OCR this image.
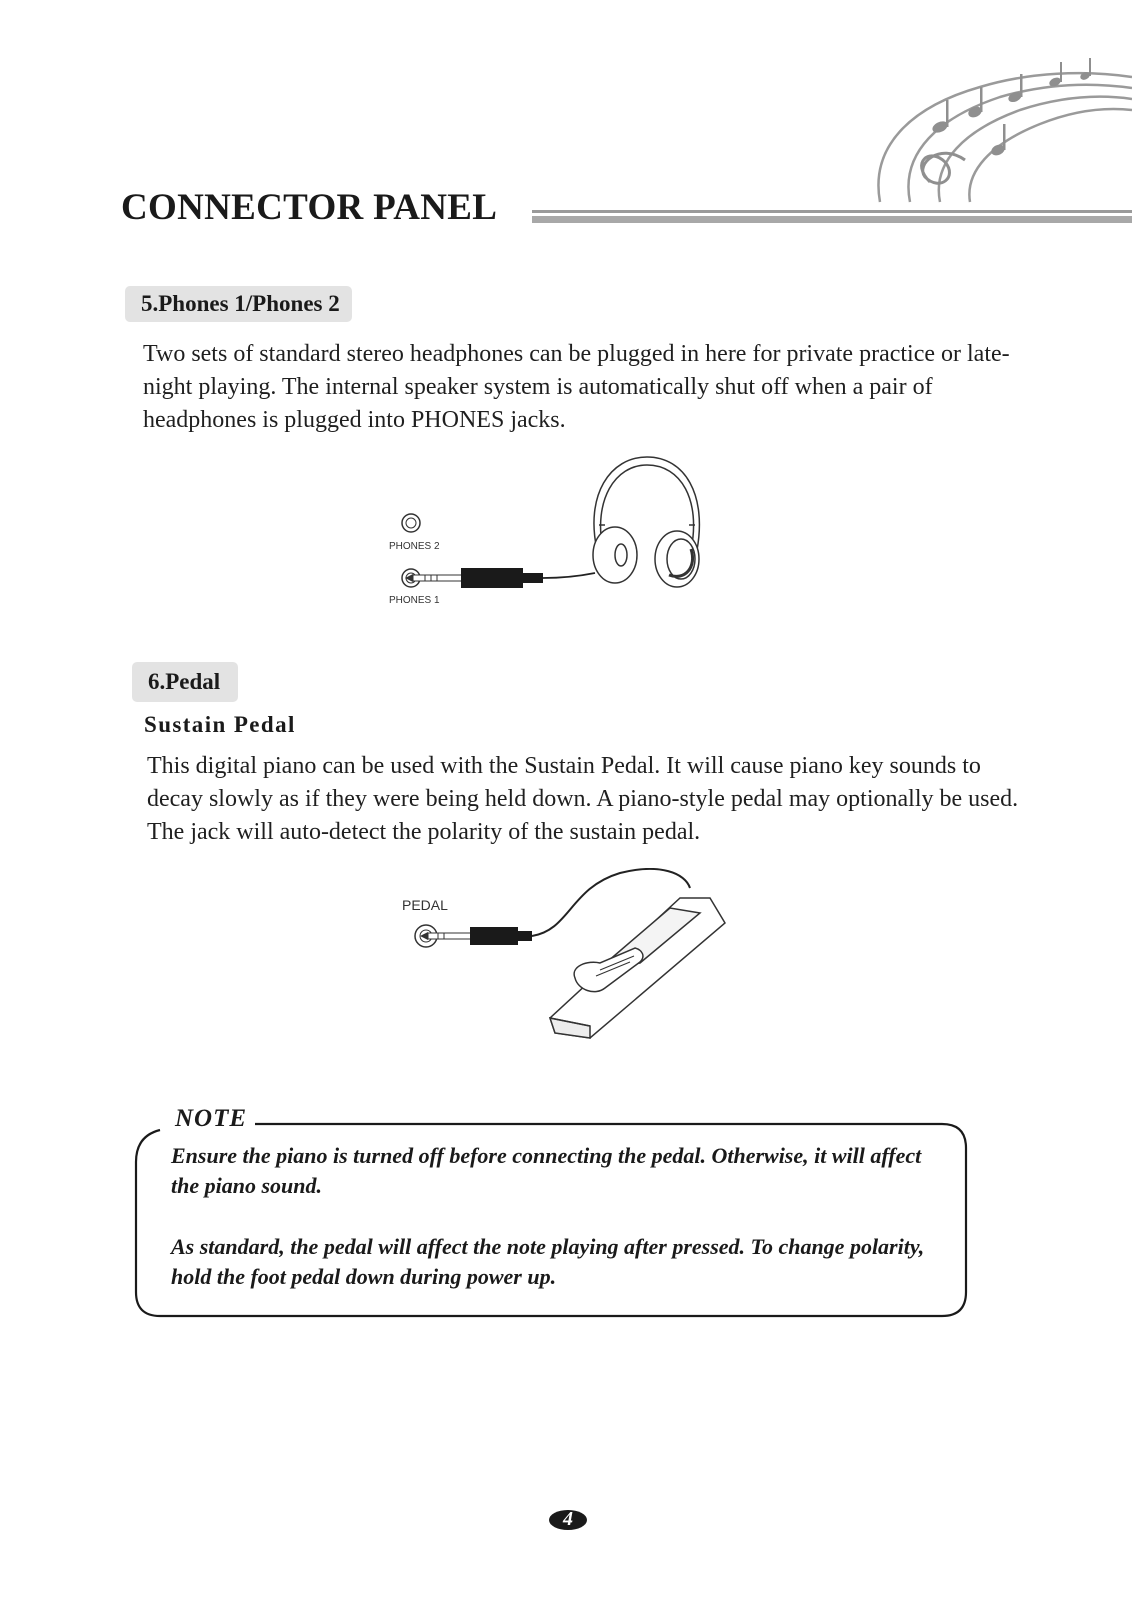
CONNECTOR PANEL
5.Phones 1/Phones 2

Two sets of standard stereo headphones can be plugged in here for private practice or late-night playing. The internal speaker system is automatically shut off when a pair of headphones is plugged into PHONES jacks.

PHONES 2
PHONES 1
6.Pedal
Sustain Pedal

This digital piano can be used with the Sustain Pedal. It will cause piano key sounds to decay slowly as if they were being held down. A piano-style pedal may optionally be used. The jack will auto-detect the polarity of the sustain pedal.

PEDAL
NOTE

Ensure the piano is turned off before connecting the pedal. Otherwise, it will affect the piano sound.

As standard, the pedal will affect the note playing after pressed. To change polarity, hold the foot pedal down during power up.

4
